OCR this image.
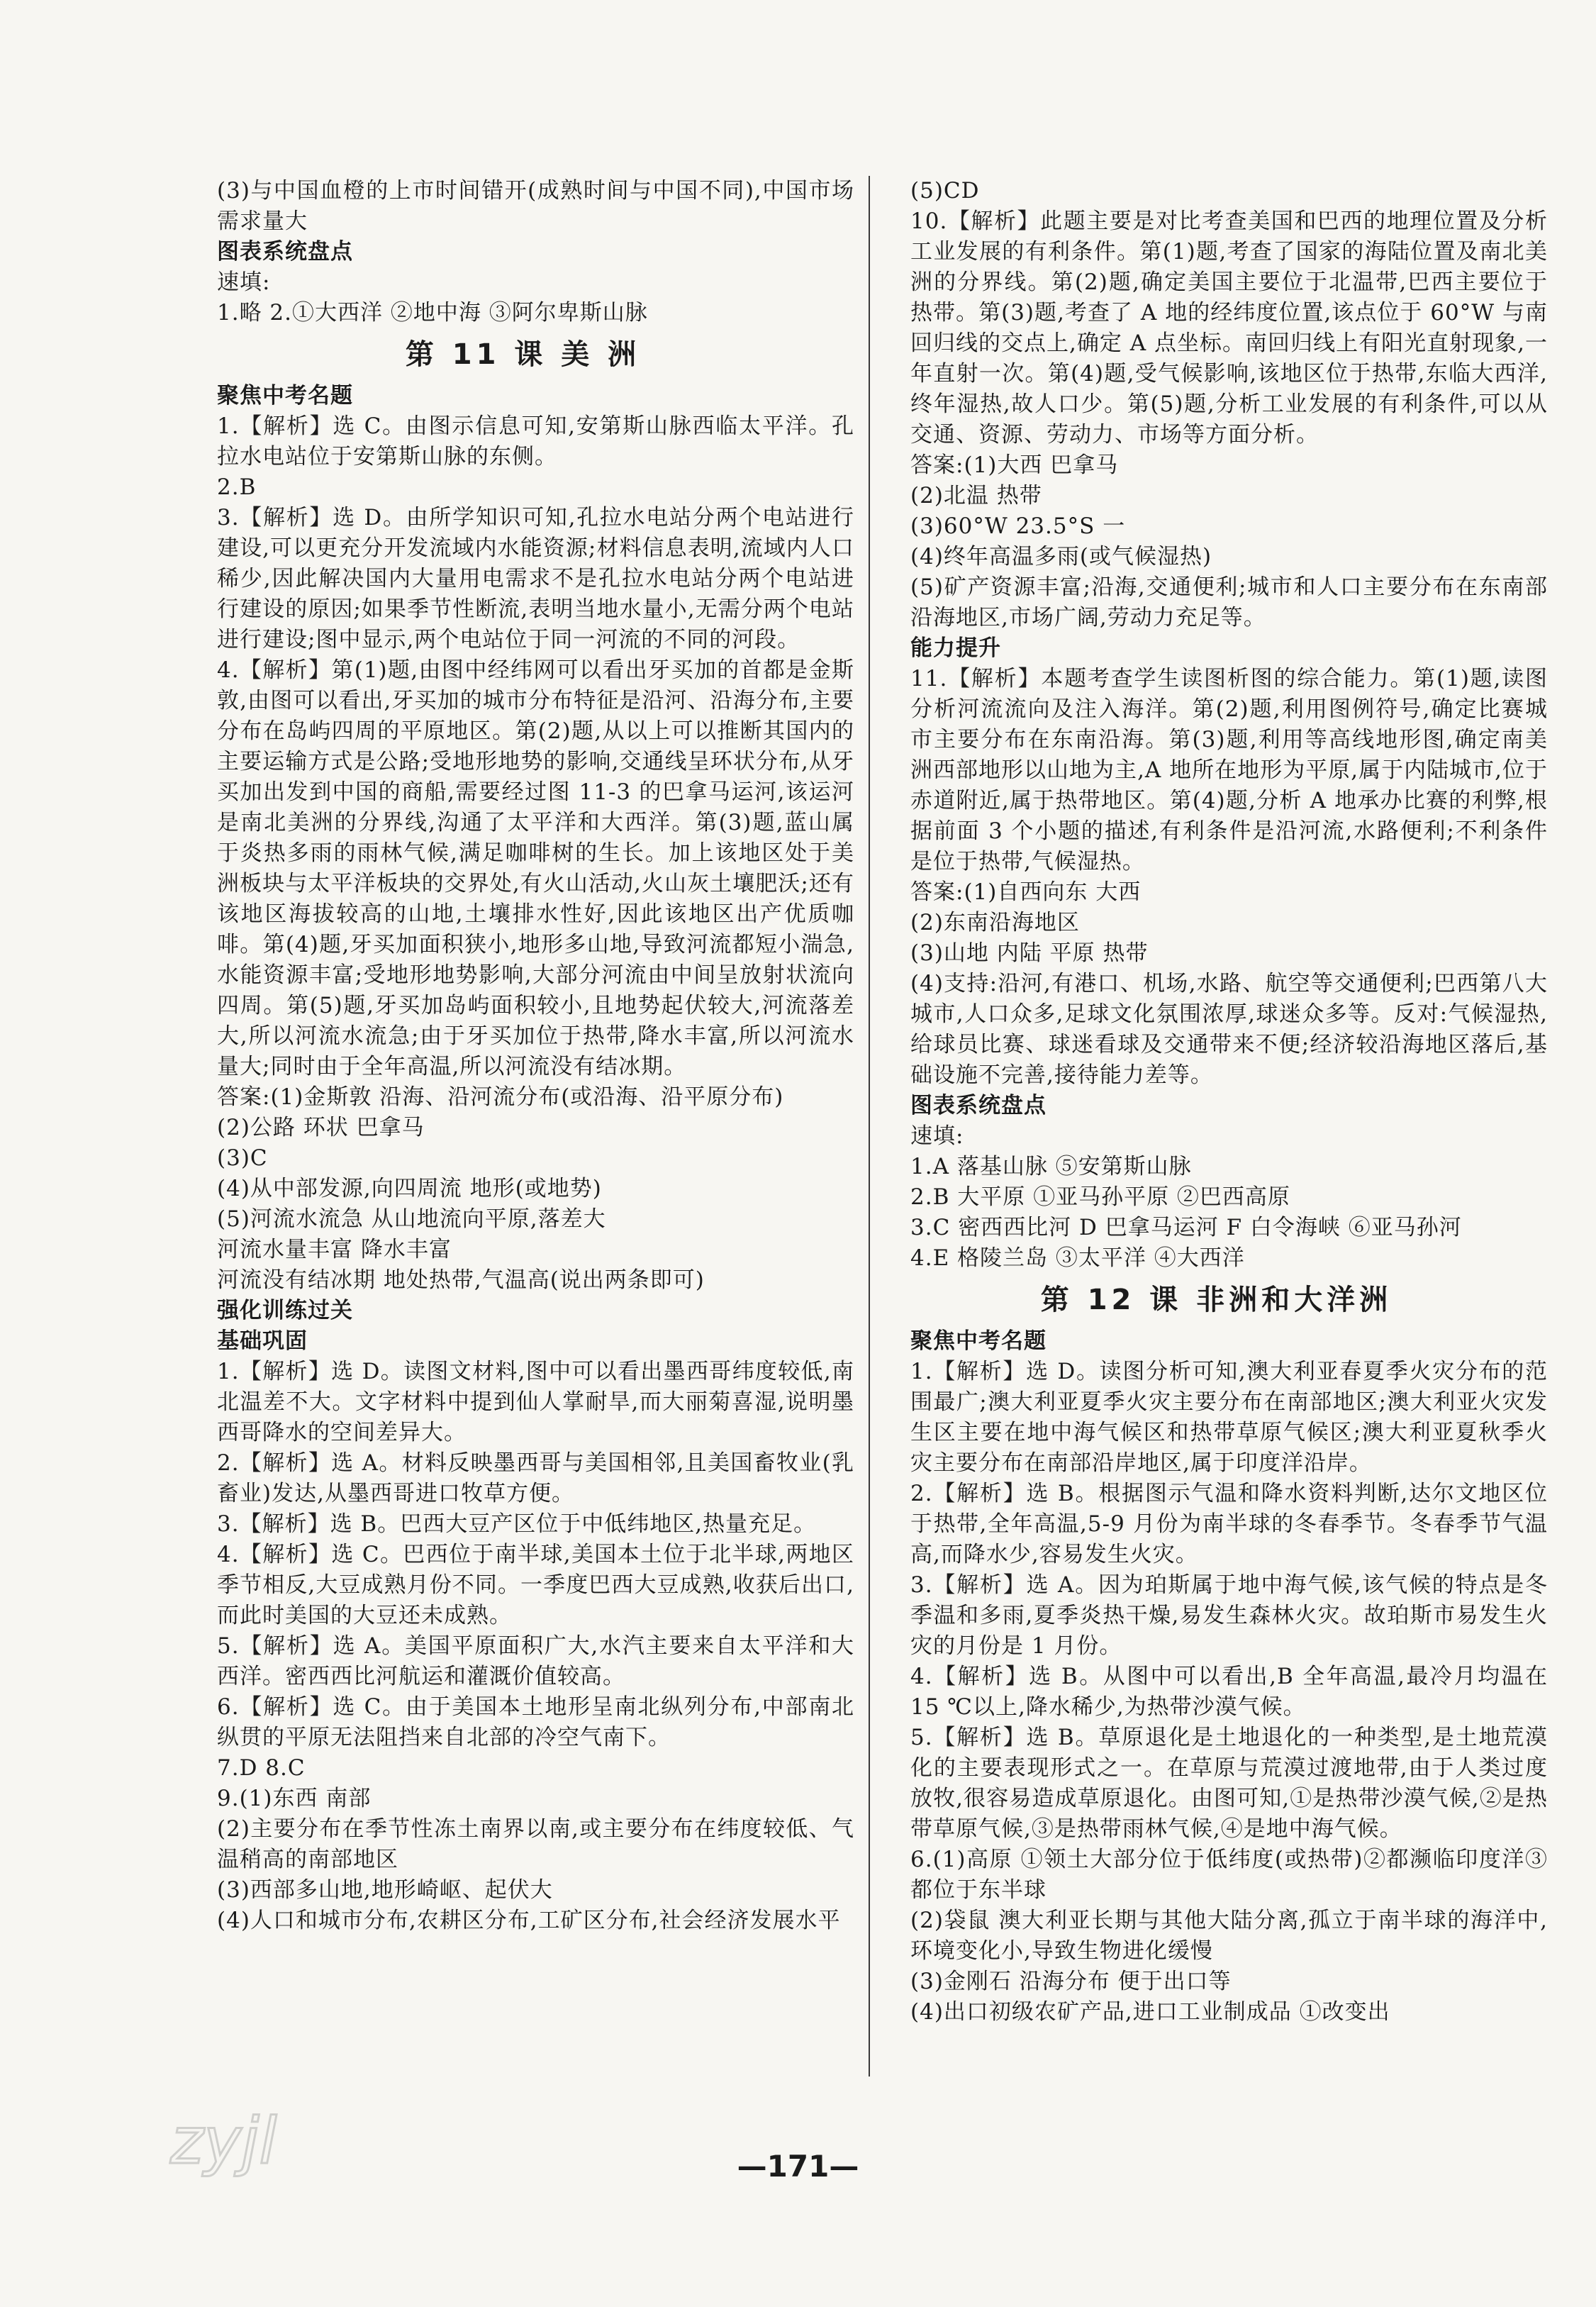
(3)与中国血橙的上市时间错开(成熟时间与中国不同),中国市场需求量大
图表系统盘点
速填:
1.略 2.①大西洋 ②地中海 ③阿尔卑斯山脉
第 11 课 美 洲
聚焦中考名题
1.【解析】选 C。由图示信息可知,安第斯山脉西临太平洋。孔拉水电站位于安第斯山脉的东侧。
2.B
3.【解析】选 D。由所学知识可知,孔拉水电站分两个电站进行建设,可以更充分开发流域内水能资源;材料信息表明,流域内人口稀少,因此解决国内大量用电需求不是孔拉水电站分两个电站进行建设的原因;如果季节性断流,表明当地水量小,无需分两个电站进行建设;图中显示,两个电站位于同一河流的不同的河段。
4.【解析】第(1)题,由图中经纬网可以看出牙买加的首都是金斯敦,由图可以看出,牙买加的城市分布特征是沿河、沿海分布,主要分布在岛屿四周的平原地区。第(2)题,从以上可以推断其国内的主要运输方式是公路;受地形地势的影响,交通线呈环状分布,从牙买加出发到中国的商船,需要经过图 11-3 的巴拿马运河,该运河是南北美洲的分界线,沟通了太平洋和大西洋。第(3)题,蓝山属于炎热多雨的雨林气候,满足咖啡树的生长。加上该地区处于美洲板块与太平洋板块的交界处,有火山活动,火山灰土壤肥沃;还有该地区海拔较高的山地,土壤排水性好,因此该地区出产优质咖啡。第(4)题,牙买加面积狭小,地形多山地,导致河流都短小湍急,水能资源丰富;受地形地势影响,大部分河流由中间呈放射状流向四周。第(5)题,牙买加岛屿面积较小,且地势起伏较大,河流落差大,所以河流水流急;由于牙买加位于热带,降水丰富,所以河流水量大;同时由于全年高温,所以河流没有结冰期。
答案:(1)金斯敦 沿海、沿河流分布(或沿海、沿平原分布)
(2)公路 环状 巴拿马
(3)C
(4)从中部发源,向四周流 地形(或地势)
(5)河流水流急 从山地流向平原,落差大
河流水量丰富 降水丰富
河流没有结冰期 地处热带,气温高(说出两条即可)
强化训练过关
基础巩固
1.【解析】选 D。读图文材料,图中可以看出墨西哥纬度较低,南北温差不大。文字材料中提到仙人掌耐旱,而大丽菊喜湿,说明墨西哥降水的空间差异大。
2.【解析】选 A。材料反映墨西哥与美国相邻,且美国畜牧业(乳畜业)发达,从墨西哥进口牧草方便。
3.【解析】选 B。巴西大豆产区位于中低纬地区,热量充足。
4.【解析】选 C。巴西位于南半球,美国本土位于北半球,两地区季节相反,大豆成熟月份不同。一季度巴西大豆成熟,收获后出口,而此时美国的大豆还未成熟。
5.【解析】选 A。美国平原面积广大,水汽主要来自太平洋和大西洋。密西西比河航运和灌溉价值较高。
6.【解析】选 C。由于美国本土地形呈南北纵列分布,中部南北纵贯的平原无法阻挡来自北部的冷空气南下。
7.D 8.C
9.(1)东西 南部
(2)主要分布在季节性冻土南界以南,或主要分布在纬度较低、气温稍高的南部地区
(3)西部多山地,地形崎岖、起伏大
(4)人口和城市分布,农耕区分布,工矿区分布,社会经济发展水平
(5)CD
10.【解析】此题主要是对比考查美国和巴西的地理位置及分析工业发展的有利条件。第(1)题,考查了国家的海陆位置及南北美洲的分界线。第(2)题,确定美国主要位于北温带,巴西主要位于热带。第(3)题,考查了 A 地的经纬度位置,该点位于 60°W 与南回归线的交点上,确定 A 点坐标。南回归线上有阳光直射现象,一年直射一次。第(4)题,受气候影响,该地区位于热带,东临大西洋,终年湿热,故人口少。第(5)题,分析工业发展的有利条件,可以从交通、资源、劳动力、市场等方面分析。
答案:(1)大西 巴拿马
(2)北温 热带
(3)60°W 23.5°S 一
(4)终年高温多雨(或气候湿热)
(5)矿产资源丰富;沿海,交通便利;城市和人口主要分布在东南部沿海地区,市场广阔,劳动力充足等。
能力提升
11.【解析】本题考查学生读图析图的综合能力。第(1)题,读图分析河流流向及注入海洋。第(2)题,利用图例符号,确定比赛城市主要分布在东南沿海。第(3)题,利用等高线地形图,确定南美洲西部地形以山地为主,A 地所在地形为平原,属于内陆城市,位于赤道附近,属于热带地区。第(4)题,分析 A 地承办比赛的利弊,根据前面 3 个小题的描述,有利条件是沿河流,水路便利;不利条件是位于热带,气候湿热。
答案:(1)自西向东 大西
(2)东南沿海地区
(3)山地 内陆 平原 热带
(4)支持:沿河,有港口、机场,水路、航空等交通便利;巴西第八大城市,人口众多,足球文化氛围浓厚,球迷众多等。反对:气候湿热,给球员比赛、球迷看球及交通带来不便;经济较沿海地区落后,基础设施不完善,接待能力差等。
图表系统盘点
速填:
1.A 落基山脉 ⑤安第斯山脉
2.B 大平原 ①亚马孙平原 ②巴西高原
3.C 密西西比河 D 巴拿马运河 F 白令海峡 ⑥亚马孙河
4.E 格陵兰岛 ③太平洋 ④大西洋
第 12 课 非洲和大洋洲
聚焦中考名题
1.【解析】选 D。读图分析可知,澳大利亚春夏季火灾分布的范围最广;澳大利亚夏季火灾主要分布在南部地区;澳大利亚火灾发生区主要在地中海气候区和热带草原气候区;澳大利亚夏秋季火灾主要分布在南部沿岸地区,属于印度洋沿岸。
2.【解析】选 B。根据图示气温和降水资料判断,达尔文地区位于热带,全年高温,5-9 月份为南半球的冬春季节。冬春季节气温高,而降水少,容易发生火灾。
3.【解析】选 A。因为珀斯属于地中海气候,该气候的特点是冬季温和多雨,夏季炎热干燥,易发生森林火灾。故珀斯市易发生火灾的月份是 1 月份。
4.【解析】选 B。从图中可以看出,B 全年高温,最冷月均温在 15 ℃以上,降水稀少,为热带沙漠气候。
5.【解析】选 B。草原退化是土地退化的一种类型,是土地荒漠化的主要表现形式之一。在草原与荒漠过渡地带,由于人类过度放牧,很容易造成草原退化。由图可知,①是热带沙漠气候,②是热带草原气候,③是热带雨林气候,④是地中海气候。
6.(1)高原 ①领土大部分位于低纬度(或热带)②都濒临印度洋③都位于东半球
(2)袋鼠 澳大利亚长期与其他大陆分离,孤立于南半球的海洋中,环境变化小,导致生物进化缓慢
(3)金刚石 沿海分布 便于出口等
(4)出口初级农矿产品,进口工业制成品 ①改变出
zyjl	—171—
